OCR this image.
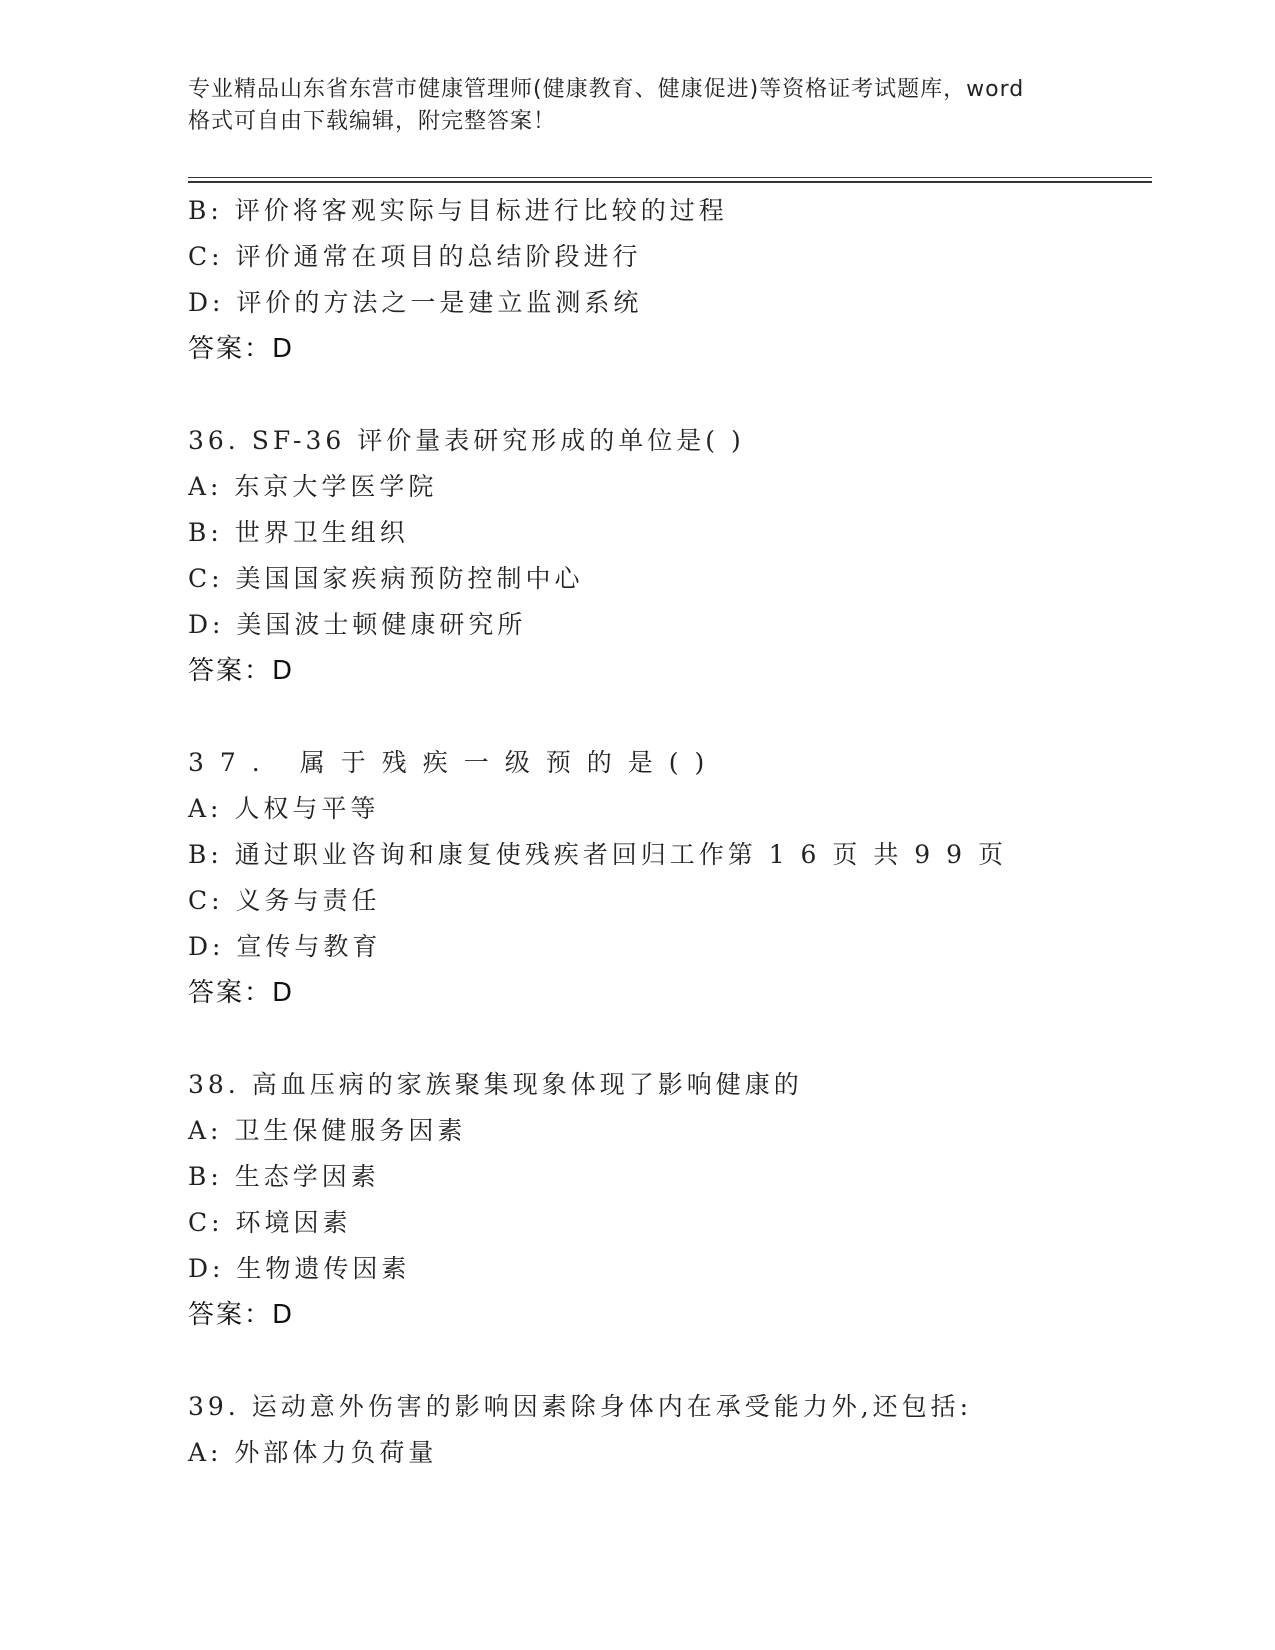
专业精品山东省东营市健康管理师(健康教育、健康促进)等资格证考试题库，word
格式可自由下载编辑，附完整答案！
B: 评价将客观实际与目标进行比较的过程
C: 评价通常在项目的总结阶段进行
D: 评价的方法之一是建立监测系统
答案：D
36. SF-36 评价量表研究形成的单位是( )
A: 东京大学医学院
B: 世界卫生组织
C: 美国国家疾病预防控制中心
D: 美国波士顿健康研究所
答案：D
37. 属于残疾一级预的是()
A: 人权与平等
B: 通过职业咨询和康复使残疾者回归工作第 1 6 页 共 9 9 页
C: 义务与责任
D: 宣传与教育
答案：D
38. 高血压病的家族聚集现象体现了影响健康的
A: 卫生保健服务因素
B: 生态学因素
C: 环境因素
D: 生物遗传因素
答案：D
39. 运动意外伤害的影响因素除身体内在承受能力外,还包括:
A: 外部体力负荷量
